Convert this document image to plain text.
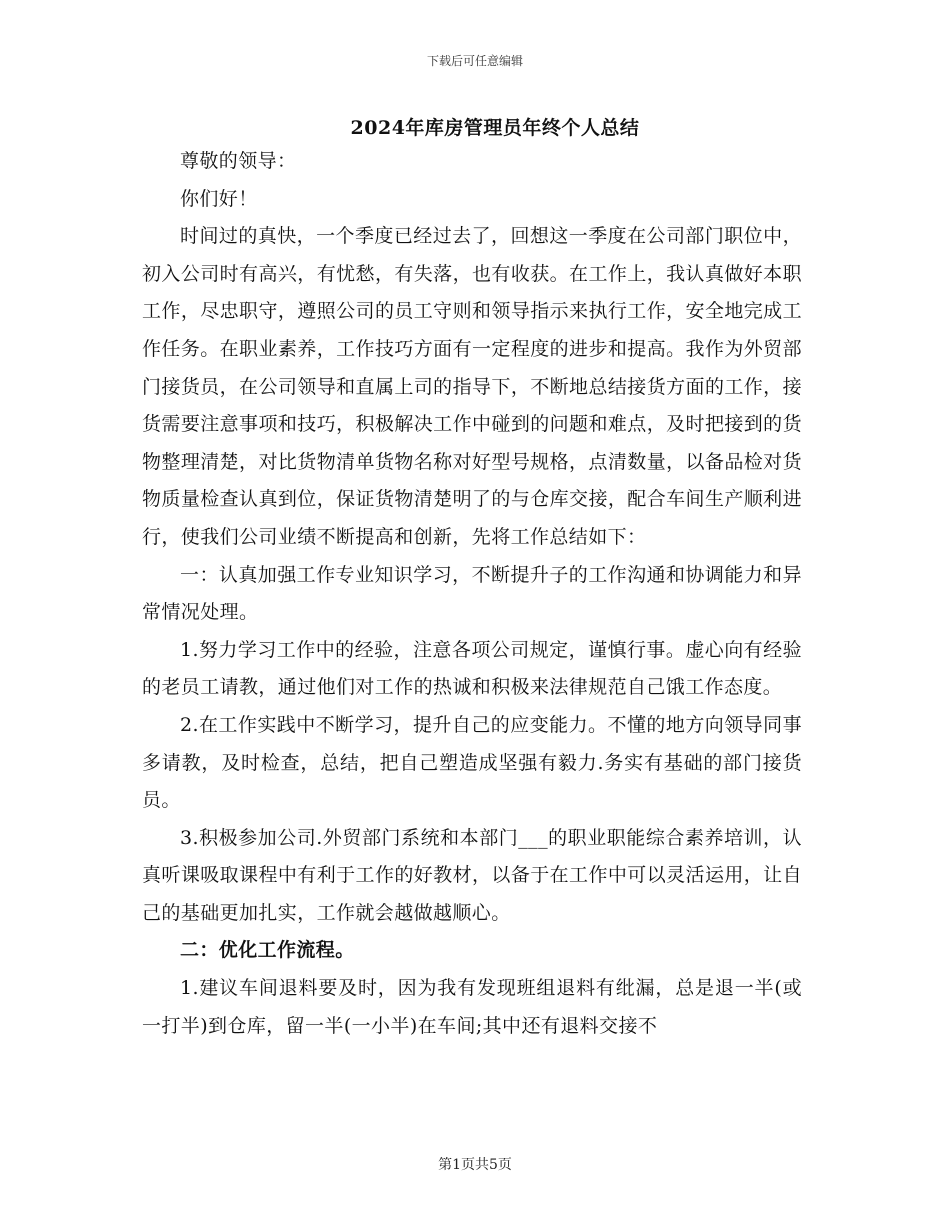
下载后可任意编辑
2024年库房管理员年终个人总结

尊敬的领导：

你们好！

时间过的真快，一个季度已经过去了，回想这一季度在公司部门职位中，初入公司时有高兴，有忧愁，有失落，也有收获。在工作上，我认真做好本职工作，尽忠职守，遵照公司的员工守则和领导指示来执行工作，安全地完成工作任务。在职业素养，工作技巧方面有一定程度的进步和提高。我作为外贸部门接货员，在公司领导和直属上司的指导下，不断地总结接货方面的工作，接货需要注意事项和技巧，积极解决工作中碰到的问题和难点，及时把接到的货物整理清楚，对比货物清单货物名称对好型号规格，点清数量，以备品检对货物质量检查认真到位，保证货物清楚明了的与仓库交接，配合车间生产顺利进行，使我们公司业绩不断提高和创新，先将工作总结如下：

一：认真加强工作专业知识学习，不断提升子的工作沟通和协调能力和异常情况处理。

1.努力学习工作中的经验，注意各项公司规定，谨慎行事。虚心向有经验的老员工请教，通过他们对工作的热诚和积极来法律规范自己饿工作态度。

2.在工作实践中不断学习，提升自己的应变能力。不懂的地方向领导同事多请教，及时检查，总结，把自己塑造成坚强有毅力.务实有基础的部门接货员。

3.积极参加公司.外贸部门系统和本部门___的职业职能综合素养培训，认真听课吸取课程中有利于工作的好教材，以备于在工作中可以灵活运用，让自己的基础更加扎实，工作就会越做越顺心。

二：优化工作流程。

1.建议车间退料要及时，因为我有发现班组退料有纰漏，总是退一半(或一打半)到仓库，留一半(一小半)在车间;其中还有退料交接不

第1页共5页
